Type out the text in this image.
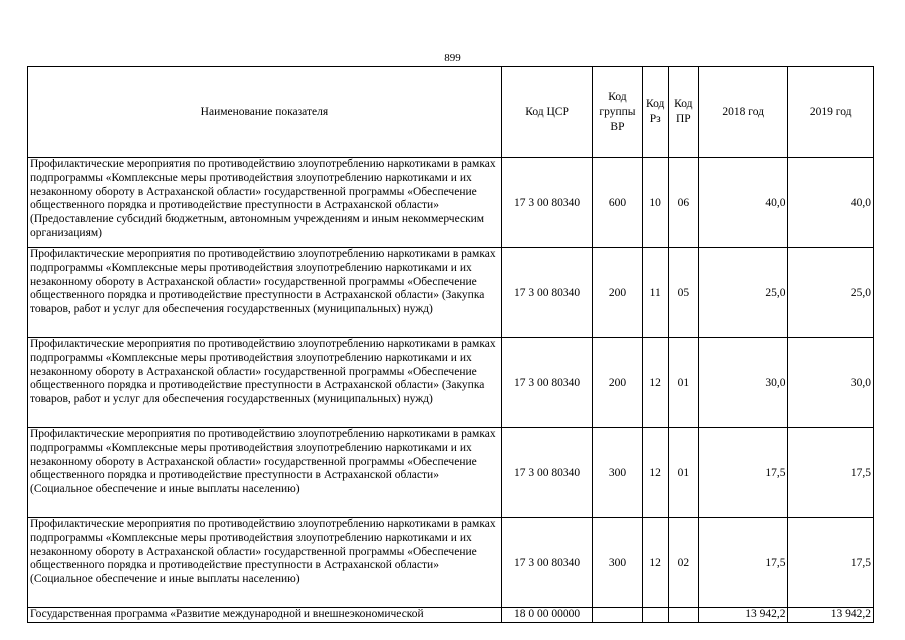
899
Наименование показателя	Код ЦСР	Код группы ВР	Код Рз	Код ПР	2018 год	2019 год
Профилактические мероприятия по противодействию злоупотреблению наркотиками в рамках подпрограммы «Комплексные меры противодействия злоупотреблению наркотиками и их незаконному обороту в Астраханской области» государственной программы «Обеспечение общественного порядка и противодействие преступности в Астраханской области» (Предоставление субсидий бюджетным, автономным учреждениям и иным некоммерческим организациям)	17 3 00 80340	600	10	06	40,0	40,0
Профилактические мероприятия по противодействию злоупотреблению наркотиками в рамках подпрограммы «Комплексные меры противодействия злоупотреблению наркотиками и их незаконному обороту в Астраханской области» государственной программы «Обеспечение общественного порядка и противодействие преступности в Астраханской области» (Закупка товаров, работ и услуг для обеспечения государственных (муниципальных) нужд)	17 3 00 80340	200	11	05	25,0	25,0
Профилактические мероприятия по противодействию злоупотреблению наркотиками в рамках подпрограммы «Комплексные меры противодействия злоупотреблению наркотиками и их незаконному обороту в Астраханской области» государственной программы «Обеспечение общественного порядка и противодействие преступности в Астраханской области» (Закупка товаров, работ и услуг для обеспечения государственных (муниципальных) нужд)	17 3 00 80340	200	12	01	30,0	30,0
Профилактические мероприятия по противодействию злоупотреблению наркотиками в рамках подпрограммы «Комплексные меры противодействия злоупотреблению наркотиками и их незаконному обороту в Астраханской области» государственной программы «Обеспечение общественного порядка и противодействие преступности в Астраханской области» (Социальное обеспечение и иные выплаты населению)	17 3 00 80340	300	12	01	17,5	17,5
Профилактические мероприятия по противодействию злоупотреблению наркотиками в рамках подпрограммы «Комплексные меры противодействия злоупотреблению наркотиками и их незаконному обороту в Астраханской области» государственной программы «Обеспечение общественного порядка и противодействие преступности в Астраханской области» (Социальное обеспечение и иные выплаты населению)	17 3 00 80340	300	12	02	17,5	17,5
Государственная программа «Развитие международной и внешнеэкономической	18 0 00 00000				13 942,2	13 942,2
